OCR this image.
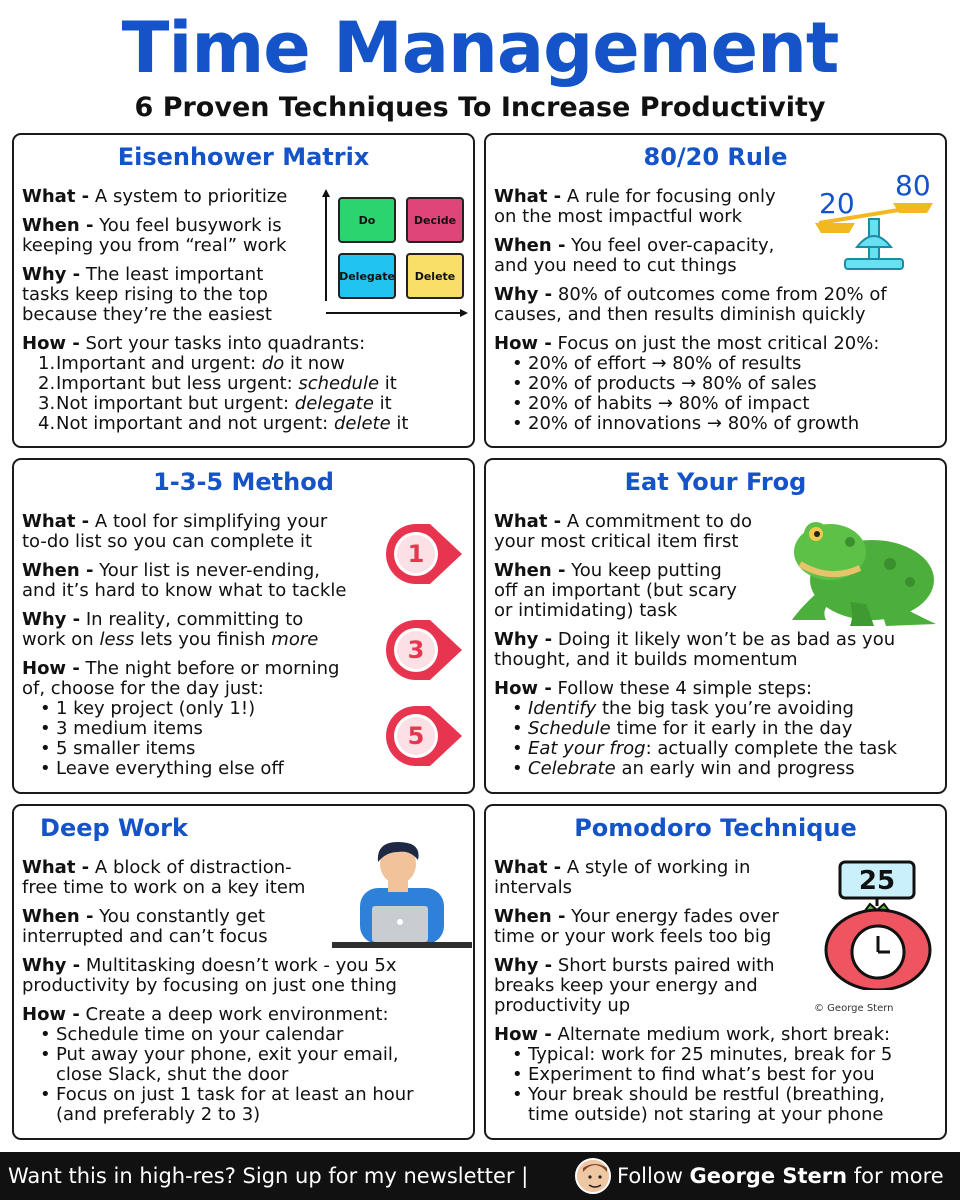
Time Management
6 Proven Techniques To Increase Productivity
Eisenhower Matrix
What - A system to prioritize
When - You feel busywork is
keeping you from “real” work
Why - The least important
tasks keep rising to the top
because they’re the easiest
How - Sort your tasks into quadrants:
1. Important and urgent: do it now
2. Important but less urgent: schedule it
3. Not important but urgent: delegate it
4. Not important and not urgent: delete it
Do	Decide
Delegate	Delete
80/20 Rule
What - A rule for focusing only
on the most impactful work
When - You feel over-capacity,
and you need to cut things
Why - 80% of outcomes come from 20% of
causes, and then results diminish quickly
How - Focus on just the most critical 20%:
• 20% of effort → 80% of results
• 20% of products → 80% of sales
• 20% of habits → 80% of impact
• 20% of innovations → 80% of growth
20
80
1-3-5 Method
What - A tool for simplifying your
to-do list so you can complete it
When - Your list is never-ending,
and it’s hard to know what to tackle
Why - In reality, committing to
work on less lets you finish more
How - The night before or morning
of, choose for the day just:
• 1 key project (only 1!)
• 3 medium items
• 5 smaller items
• Leave everything else off
1
3
5
Eat Your Frog
What - A commitment to do
your most critical item first
When - You keep putting
off an important (but scary
or intimidating) task
Why - Doing it likely won’t be as bad as you
thought, and it builds momentum
How - Follow these 4 simple steps:
• Identify the big task you’re avoiding
• Schedule time for it early in the day
• Eat your frog: actually complete the task
• Celebrate an early win and progress
Deep Work
What - A block of distraction-
free time to work on a key item
When - You constantly get
interrupted and can’t focus
Why - Multitasking doesn’t work - you 5x
productivity by focusing on just one thing
How - Create a deep work environment:
• Schedule time on your calendar
• Put away your phone, exit your email,
close Slack, shut the door
• Focus on just 1 task for at least an hour
(and preferably 2 to 3)
Pomodoro Technique
What - A style of working in
intervals
When - Your energy fades over
time or your work feels too big
Why - Short bursts paired with
breaks keep your energy and
productivity up
How - Alternate medium work, short break:
• Typical: work for 25 minutes, break for 5
• Experiment to find what’s best for you
• Your break should be restful (breathing,
time outside) not staring at your phone
25
© George Stern
Want this in high-res? Sign up for my newsletter |	Follow George Stern for more
